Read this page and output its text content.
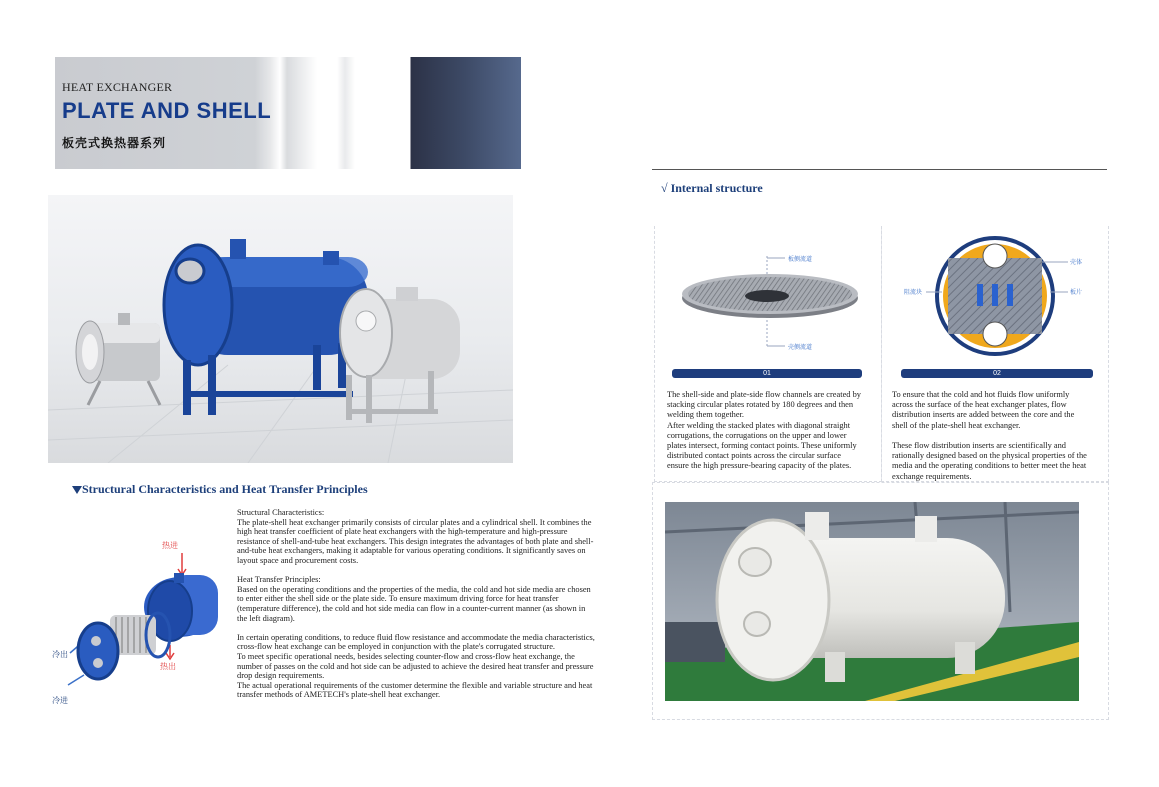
HEAT EXCHANGER
PLATE AND SHELL
板壳式换热器系列
Structural Characteristics and Heat Transfer Principles
热进
热出
冷出
冷进

Structural Characteristics:

The plate-shell heat exchanger primarily consists of circular plates and a cylindrical shell. It combines the high heat transfer coefficient of plate heat exchangers with the high-temperature and high-pressure resistance of shell-and-tube heat exchangers. This design integrates the advantages of both plate and shell-and-tube heat exchangers, making it adaptable for various operating conditions. It significantly saves on layout space and procurement costs.

Heat Transfer Principles:

Based on the operating conditions and the properties of the media, the cold and hot side media are chosen to enter either the shell side or the plate side. To ensure maximum driving force for heat transfer (temperature difference), the cold and hot side media can flow in a counter-current manner (as shown in the left diagram).

In certain operating conditions, to reduce fluid flow resistance and accommodate the media characteristics, cross-flow heat exchange can be employed in conjunction with the plate's corrugated structure.

To meet specific operational needs, besides selecting counter-flow and cross-flow heat exchange, the number of passes on the cold and hot side can be adjusted to achieve the desired heat transfer and pressure drop design requirements.

The actual operational requirements of the customer determine the flexible and variable structure and heat transfer methods of AMETECH's plate-shell heat exchanger.

√ Internal structure
板侧流道
壳侧流道
01

The shell-side and plate-side flow channels are created by stacking circular plates rotated by 180 degrees and then welding them together.

After welding the stacked plates with diagonal straight corrugations, the corrugations on the upper and lower plates intersect, forming contact points. These uniformly distributed contact points across the circular surface ensure the high pressure-bearing capacity of the plates.

壳体
板片
阻流块
02

To ensure that the cold and hot fluids flow uniformly across the surface of the heat exchanger plates, flow distribution inserts are added between the core and the shell of the plate-shell heat exchanger.

These flow distribution inserts are scientifically and rationally designed based on the physical properties of the media and the operating conditions to better meet the heat exchange requirements.
